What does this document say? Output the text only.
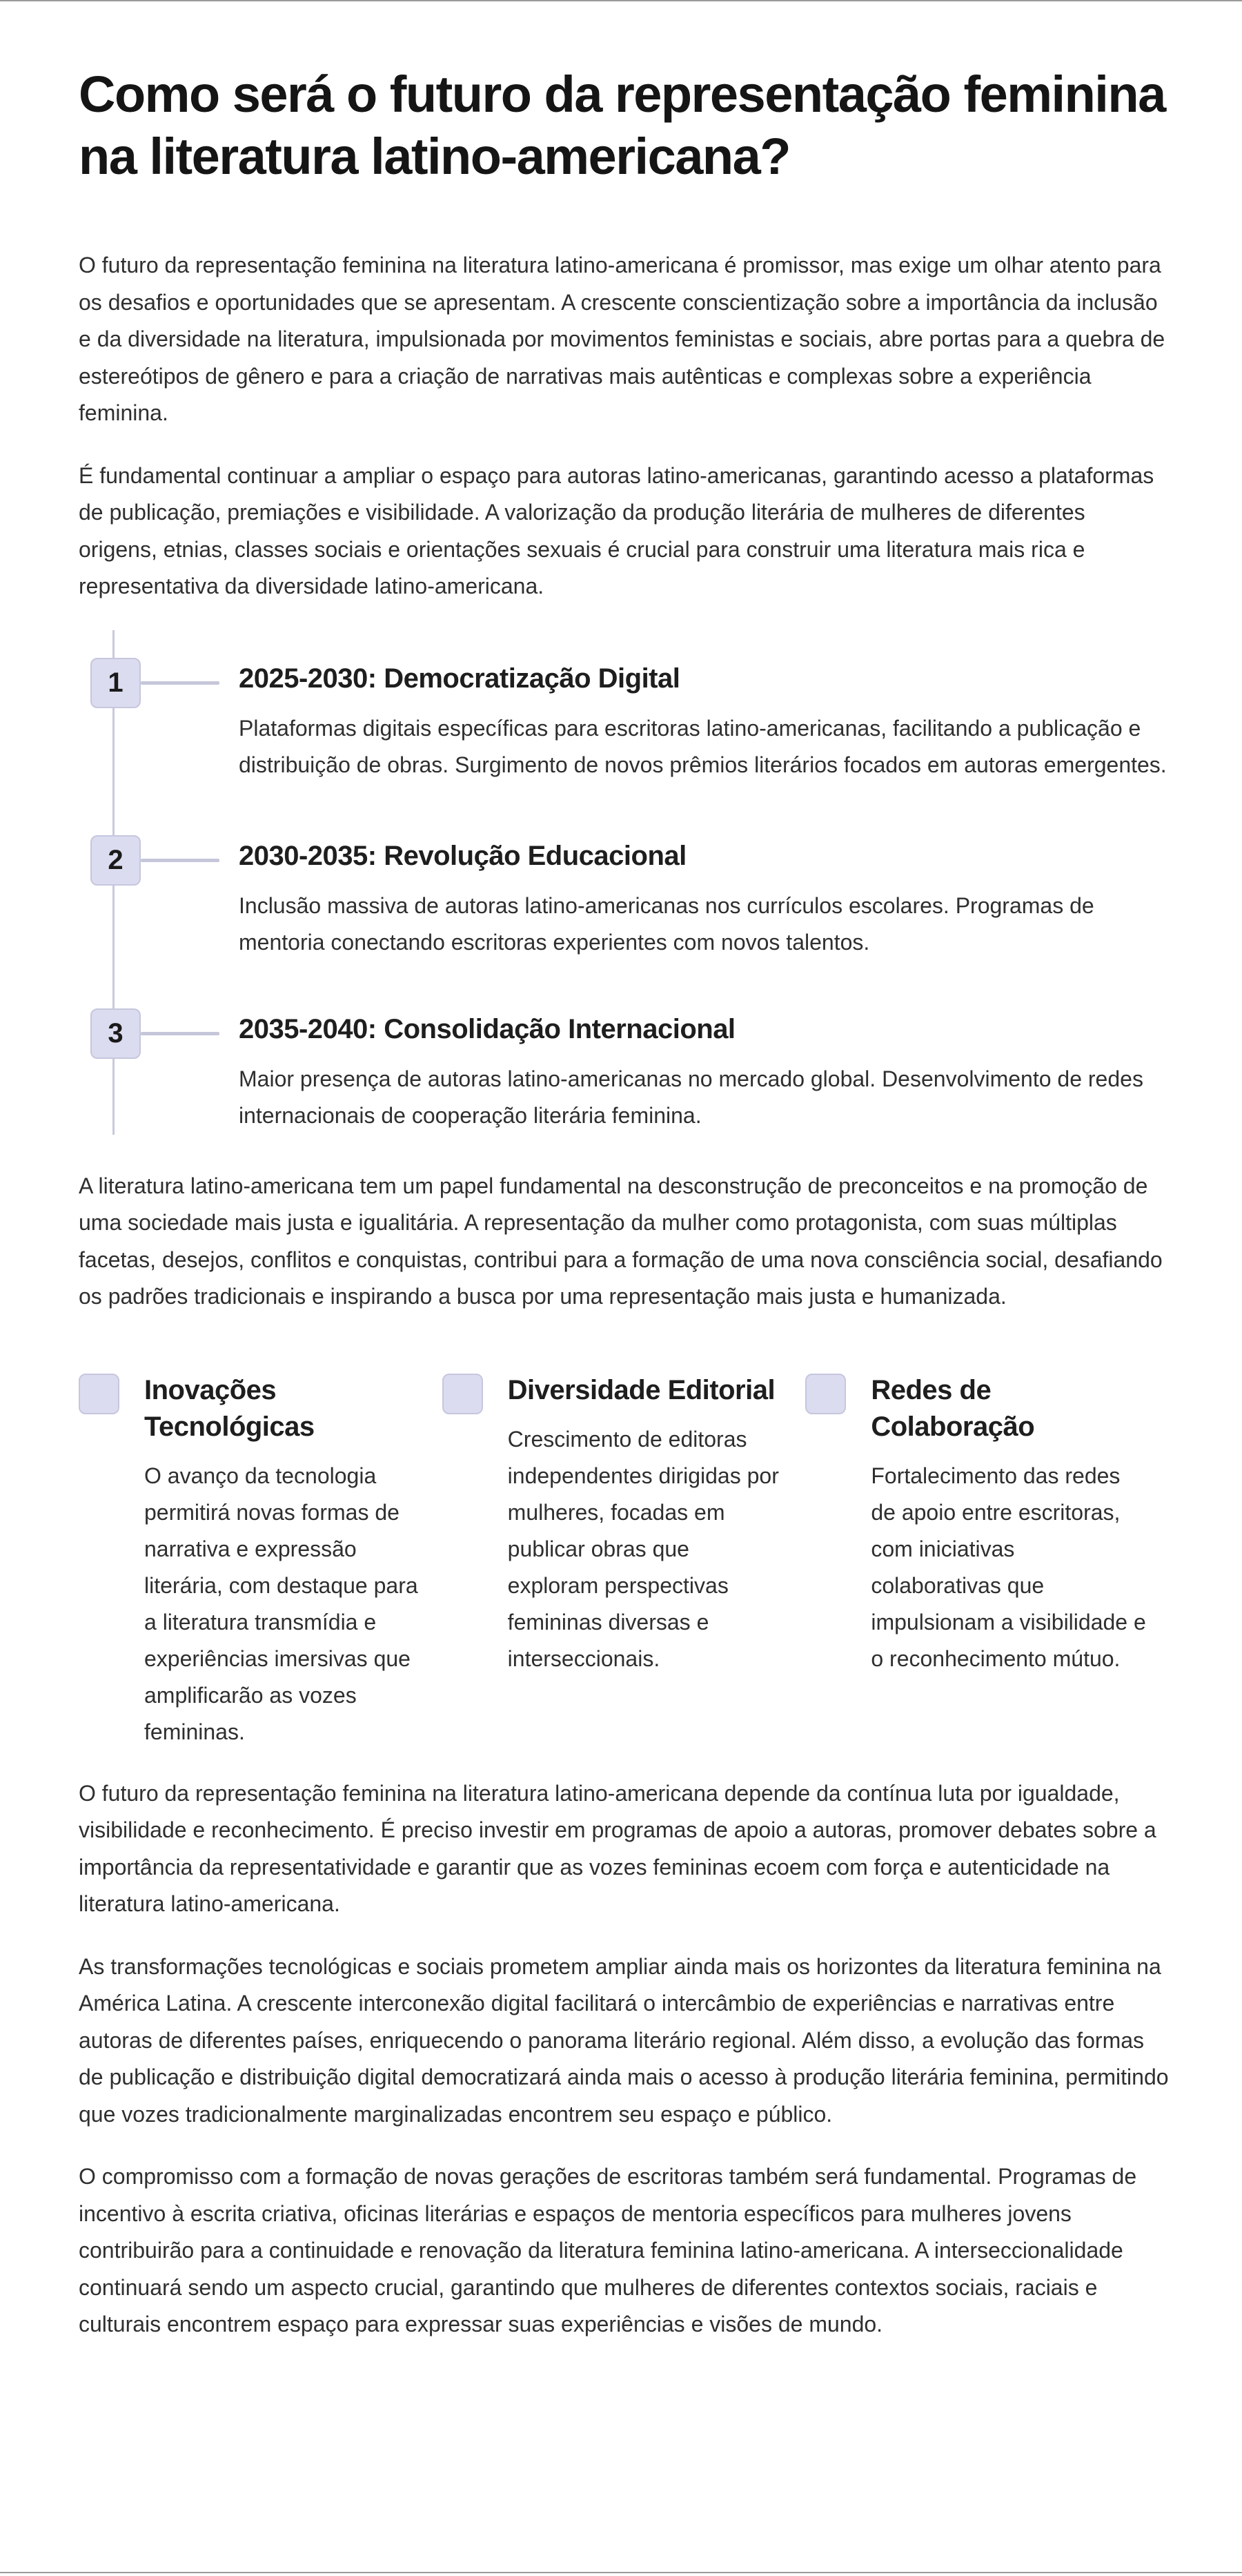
Como será o futuro da representação feminina na literatura latino-americana?

O futuro da representação feminina na literatura latino-americana é promissor, mas exige um olhar atento para os desafios e oportunidades que se apresentam. A crescente conscientização sobre a importância da inclusão e da diversidade na literatura, impulsionada por movimentos feministas e sociais, abre portas para a quebra de estereótipos de gênero e para a criação de narrativas mais autênticas e complexas sobre a experiência feminina.

É fundamental continuar a ampliar o espaço para autoras latino-americanas, garantindo acesso a plataformas de publicação, premiações e visibilidade. A valorização da produção literária de mulheres de diferentes origens, etnias, classes sociais e orientações sexuais é crucial para construir uma literatura mais rica e representativa da diversidade latino-americana.

1	2025-2030: Democratização Digital

Plataformas digitais específicas para escritoras latino-americanas, facilitando a publicação e distribuição de obras. Surgimento de novos prêmios literários focados em autoras emergentes.

2	2030-2035: Revolução Educacional

Inclusão massiva de autoras latino-americanas nos currículos escolares. Programas de mentoria conectando escritoras experientes com novos talentos.

3	2035-2040: Consolidação Internacional

Maior presença de autoras latino-americanas no mercado global. Desenvolvimento de redes internacionais de cooperação literária feminina.

A literatura latino-americana tem um papel fundamental na desconstrução de preconceitos e na promoção de uma sociedade mais justa e igualitária. A representação da mulher como protagonista, com suas múltiplas facetas, desejos, conflitos e conquistas, contribui para a formação de uma nova consciência social, desafiando os padrões tradicionais e inspirando a busca por uma representação mais justa e humanizada.

Inovações Tecnológicas

O avanço da tecnologia permitirá novas formas de narrativa e expressão literária, com destaque para a literatura transmídia e experiências imersivas que amplificarão as vozes femininas.

Diversidade Editorial

Crescimento de editoras independentes dirigidas por mulheres, focadas em publicar obras que exploram perspectivas femininas diversas e interseccionais.

Redes de Colaboração

Fortalecimento das redes de apoio entre escritoras, com iniciativas colaborativas que impulsionam a visibilidade e o reconhecimento mútuo.

O futuro da representação feminina na literatura latino-americana depende da contínua luta por igualdade, visibilidade e reconhecimento. É preciso investir em programas de apoio a autoras, promover debates sobre a importância da representatividade e garantir que as vozes femininas ecoem com força e autenticidade na literatura latino-americana.

As transformações tecnológicas e sociais prometem ampliar ainda mais os horizontes da literatura feminina na América Latina. A crescente interconexão digital facilitará o intercâmbio de experiências e narrativas entre autoras de diferentes países, enriquecendo o panorama literário regional. Além disso, a evolução das formas de publicação e distribuição digital democratizará ainda mais o acesso à produção literária feminina, permitindo que vozes tradicionalmente marginalizadas encontrem seu espaço e público.

O compromisso com a formação de novas gerações de escritoras também será fundamental. Programas de incentivo à escrita criativa, oficinas literárias e espaços de mentoria específicos para mulheres jovens contribuirão para a continuidade e renovação da literatura feminina latino-americana. A interseccionalidade continuará sendo um aspecto crucial, garantindo que mulheres de diferentes contextos sociais, raciais e culturais encontrem espaço para expressar suas experiências e visões de mundo.
